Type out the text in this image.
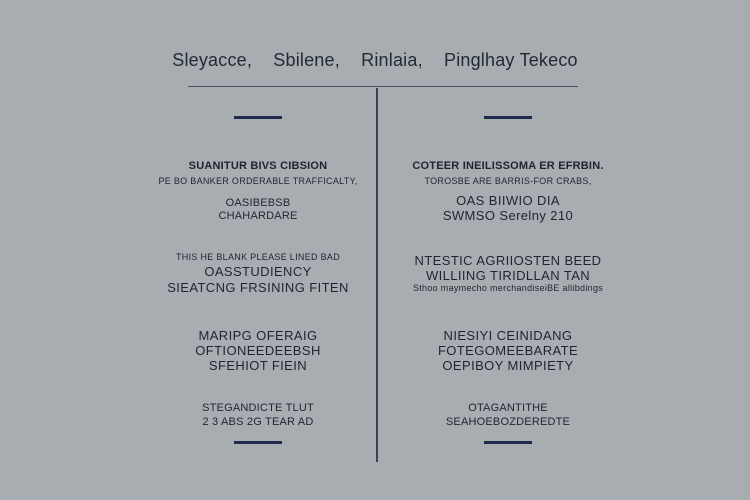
Sleyacce, Sbilene, Rinlaia, Pinglhay Tekeco
SUANITUR BIVS CIBSION
PE BO BANKER ORDERABLE TRAFFICALTY,
OASIBEBSB
CHAHARDARE
THIS HE BLANK PLEASE LINED BAD
OASSTUDIENCY
SIEATCNG FRSINING FITEN
MARIPG OFERAIG
OFTIONEEDEEBSH
SFEHIOT FIEIN
STEGANDICTE TLUT
2 3 ABS 2G TEAR AD
COTEER INEILISSOMA ER EFRBIN.
TOROSBE ARE BARRIS-FOR CRABS,
OAS BIIWIO DIA
SWMSO Serelny 210
NTESTIC AGRIIOSTEN BEED
WILLIING TIRIDLLAN TAN
Sthoo maymecho merchandiseiBE allibdings
NIESIYI CEINIDANG
FOTEGOMEEBARATE
OEPIBOY MIMPIETY
OTAGANTITHE
SEAHOEBOZDEREDTE
